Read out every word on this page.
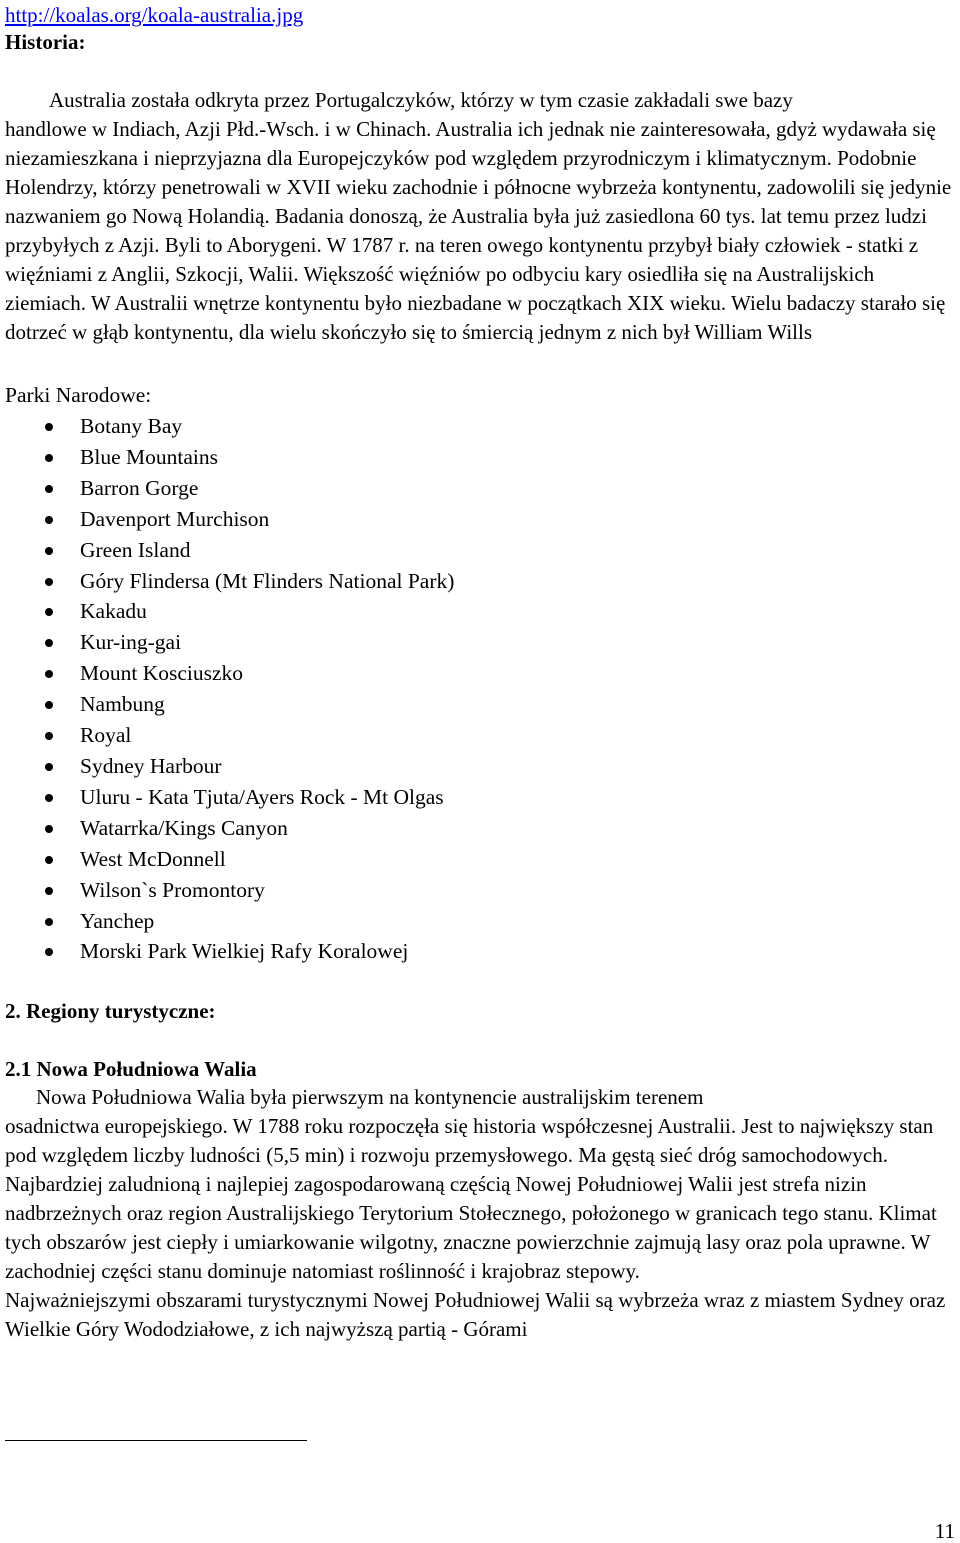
http://koalas.org/koala-australia.jpg
Historia:
Australia została odkryta przez Portugalczyków, którzy w tym czasie zakładali swe bazy
handlowe w Indiach, Azji Płd.-Wsch. i w Chinach. Australia ich jednak nie zainteresowała, gdyż wydawała się niezamieszkana i nieprzyjazna dla Europejczyków pod względem przyrodniczym i klimatycznym. Podobnie Holendrzy, którzy penetrowali w XVII wieku zachodnie i północne wybrzeża kontynentu, zadowolili się jedynie nazwaniem go Nową Holandią. Badania donoszą, że Australia była już zasiedlona 60 tys. lat temu przez ludzi przybyłych z Azji. Byli to Aborygeni. W 1787 r. na teren owego kontynentu przybył biały człowiek - statki z więźniami z Anglii, Szkocji, Walii. Większość więźniów po odbyciu kary osiedliła się na Australijskich ziemiach. W Australii wnętrze kontynentu było niezbadane w początkach XIX wieku. Wielu badaczy starało się dotrzeć w głąb kontynentu, dla wielu skończyło się to śmiercią jednym z nich był William Wills
Parki Narodowe:
Botany Bay
Blue Mountains
Barron Gorge
Davenport Murchison
Green Island
Góry Flindersa (Mt Flinders National Park)
Kakadu
Kur-ing-gai
Mount Kosciuszko
Nambung
Royal
Sydney Harbour
Uluru - Kata Tjuta/Ayers Rock - Mt Olgas
Watarrka/Kings Canyon
West McDonnell
Wilson`s Promontory
Yanchep
Morski Park Wielkiej Rafy Koralowej
2. Regiony turystyczne:
2.1 Nowa Południowa Walia
Nowa Południowa Walia była pierwszym na kontynencie australijskim terenem
osadnictwa europejskiego. W 1788 roku rozpoczęła się historia współczesnej Australii. Jest to największy stan pod względem liczby ludności (5,5 min) i rozwoju przemysłowego. Ma gęstą sieć dróg samochodowych. Najbardziej zaludnioną i najlepiej zagospodarowaną częścią Nowej Południowej Walii jest strefa nizin nadbrzeżnych oraz region Australijskiego Terytorium Stołecznego, położonego w granicach tego stanu. Klimat tych obszarów jest ciepły i umiarkowanie wilgotny, znaczne powierzchnie zajmują lasy oraz pola uprawne. W zachodniej części stanu dominuje natomiast roślinność i krajobraz stepowy.
Najważniejszymi obszarami turystycznymi Nowej Południowej Walii są wybrzeża wraz z miastem Sydney oraz Wielkie Góry Wododziałowe, z ich najwyższą partią - Górami
11
